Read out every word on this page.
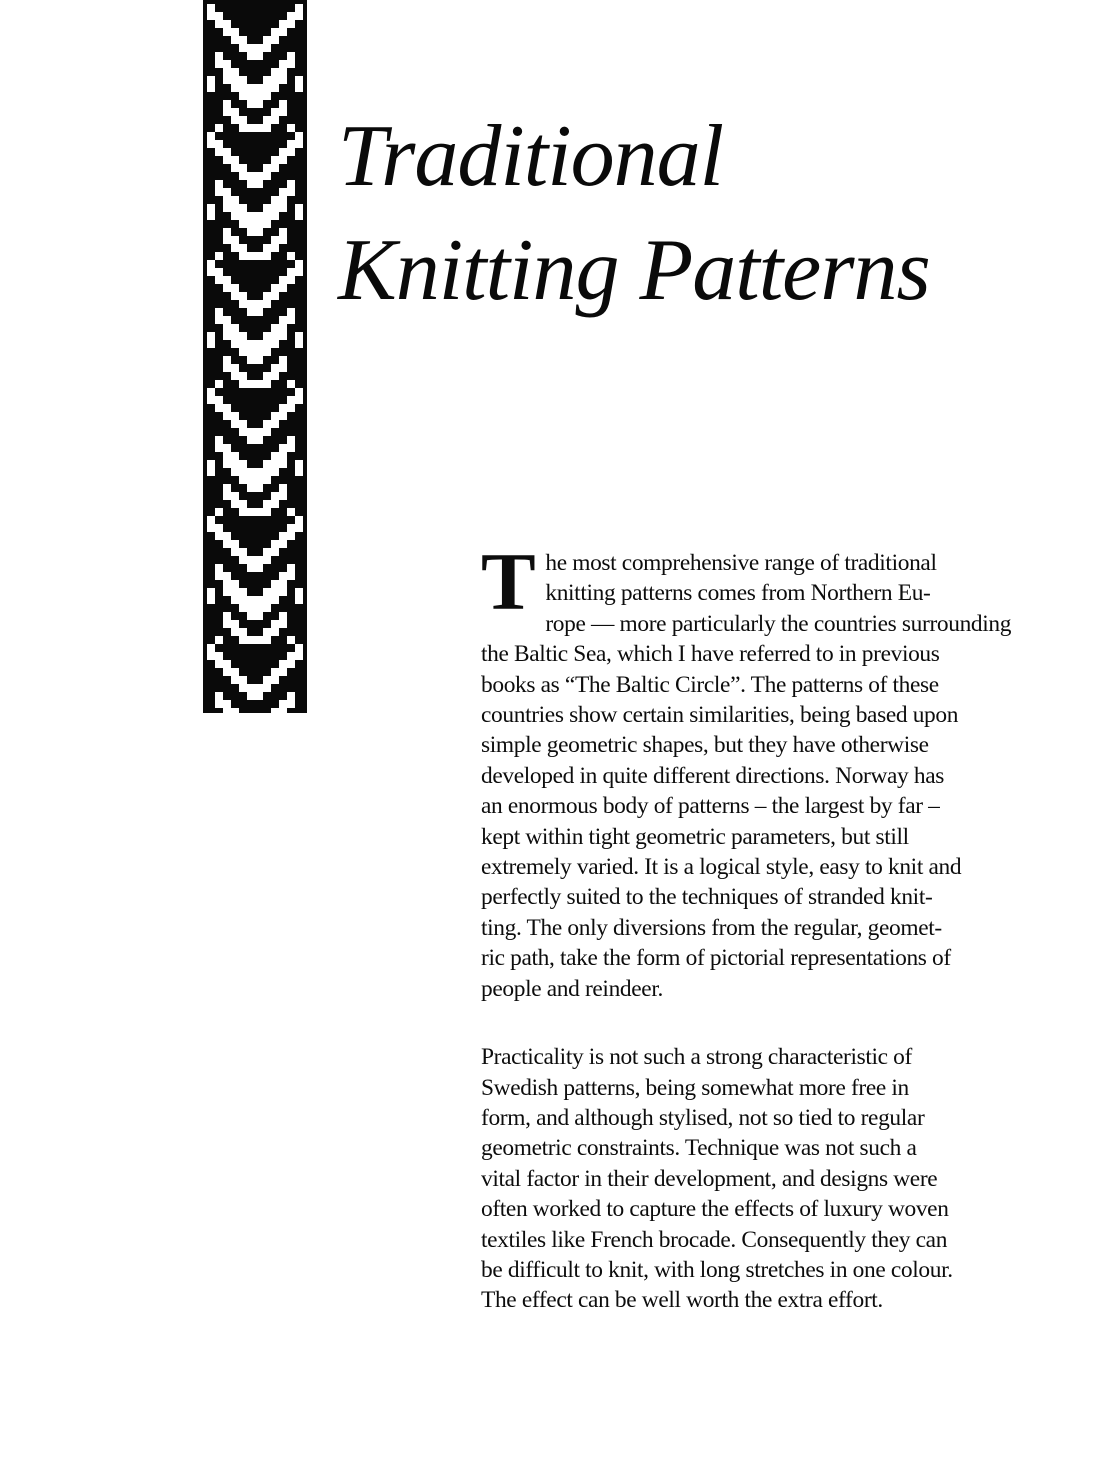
Traditional
Knitting Patterns

T he most comprehensive range of traditional
knitting patterns comes from Northern Eu-
rope — more particularly the countries surrounding
the Baltic Sea, which I have referred to in previous
books as “The Baltic Circle”. The patterns of these
countries show certain similarities, being based upon
simple geometric shapes, but they have otherwise
developed in quite different directions. Norway has
an enormous body of patterns – the largest by far –
kept within tight geometric parameters, but still
extremely varied. It is a logical style, easy to knit and
perfectly suited to the techniques of stranded knit-
ting. The only diversions from the regular, geomet-
ric path, take the form of pictorial representations of
people and reindeer.

Practicality is not such a strong characteristic of
Swedish patterns, being somewhat more free in
form, and although stylised, not so tied to regular
geometric constraints. Technique was not such a
vital factor in their development, and designs were
often worked to capture the effects of luxury woven
textiles like French brocade. Consequently they can
be difficult to knit, with long stretches in one colour.
The effect can be well worth the extra effort.
